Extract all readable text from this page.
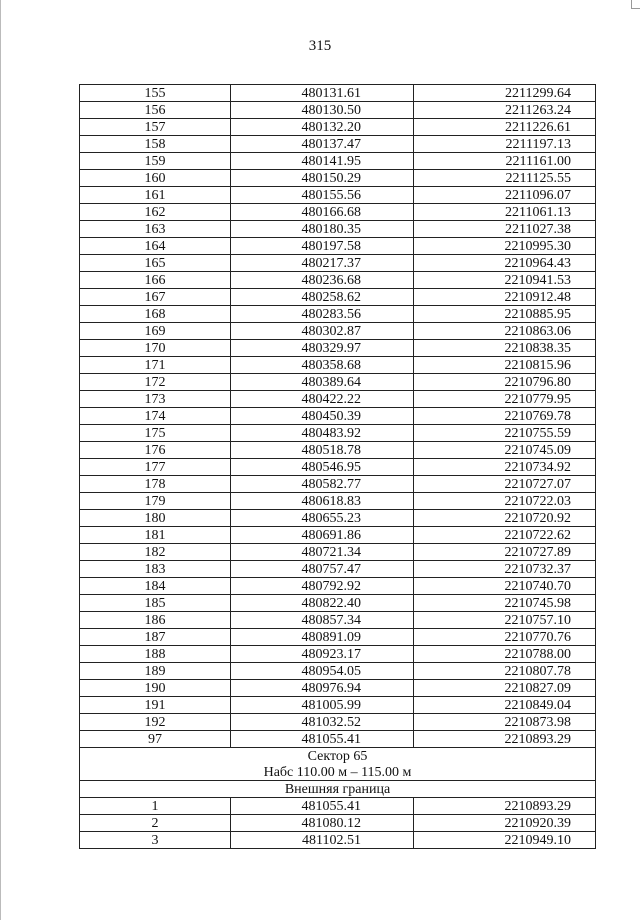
315
155	480131.61	2211299.64
156	480130.50	2211263.24
157	480132.20	2211226.61
158	480137.47	2211197.13
159	480141.95	2211161.00
160	480150.29	2211125.55
161	480155.56	2211096.07
162	480166.68	2211061.13
163	480180.35	2211027.38
164	480197.58	2210995.30
165	480217.37	2210964.43
166	480236.68	2210941.53
167	480258.62	2210912.48
168	480283.56	2210885.95
169	480302.87	2210863.06
170	480329.97	2210838.35
171	480358.68	2210815.96
172	480389.64	2210796.80
173	480422.22	2210779.95
174	480450.39	2210769.78
175	480483.92	2210755.59
176	480518.78	2210745.09
177	480546.95	2210734.92
178	480582.77	2210727.07
179	480618.83	2210722.03
180	480655.23	2210720.92
181	480691.86	2210722.62
182	480721.34	2210727.89
183	480757.47	2210732.37
184	480792.92	2210740.70
185	480822.40	2210745.98
186	480857.34	2210757.10
187	480891.09	2210770.76
188	480923.17	2210788.00
189	480954.05	2210807.78
190	480976.94	2210827.09
191	481005.99	2210849.04
192	481032.52	2210873.98
97	481055.41	2210893.29
Сектор 65		
Набс 110.00 м – 115.00 м		
Внешняя граница		
1	481055.41	2210893.29
2	481080.12	2210920.39
3	481102.51	2210949.10
